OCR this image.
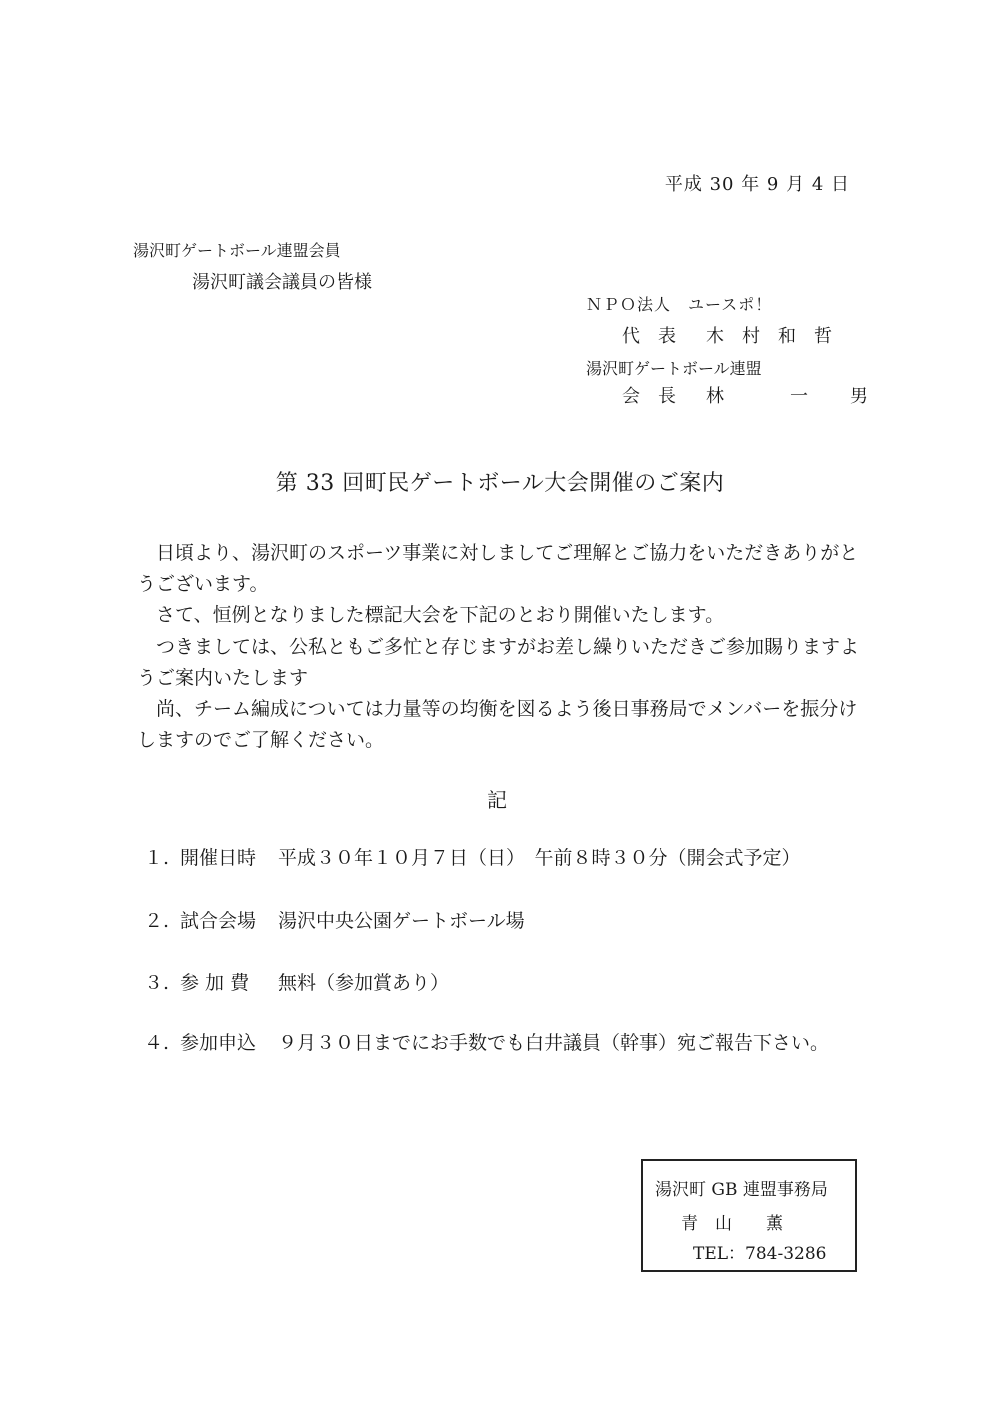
平成 30 年 9 月 4 日
湯沢町ゲートボール連盟会員
湯沢町議会議員の皆様
ＮＰＯ法人　ユースポ！
代 表 木 村 和 哲
湯沢町ゲートボール連盟
会 長 林	一 男
第 33 回町民ゲートボール大会開催のご案内

日頃より、湯沢町のスポーツ事業に対しましてご理解とご協力をいただきありがとうございます。

さて、恒例となりました標記大会を下記のとおり開催いたします。

つきましては、公私ともご多忙と存じますがお差し繰りいただきご参加賜りますようご案内いたします

尚、チーム編成については力量等の均衡を図るよう後日事務局でメンバーを振分けしますのでご了解ください。

記
１. 開催日時 平成３０年１０月７日（日）　午前８時３０分（開会式予定）
２. 試合会場 湯沢中央公園ゲートボール場
３. 参 加 費 無料（参加賞あり）
４. 参加申込 ９月３０日までにお手数でも白井議員（幹事）宛ご報告下さい。
湯沢町 GB 連盟事務局
青　山　　薫
TEL：784-3286
